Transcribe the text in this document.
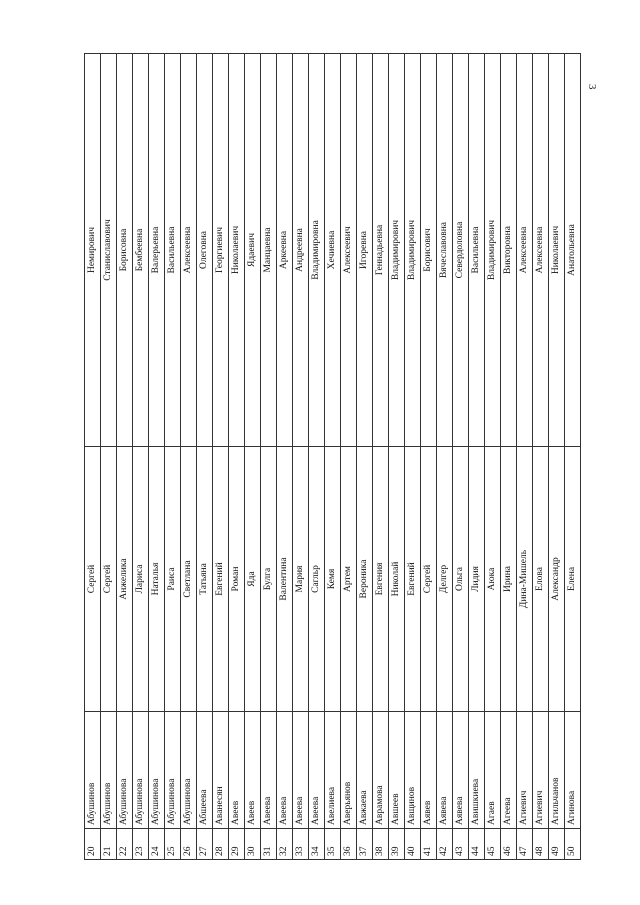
3
20	Абушинов	Сергей	Немирович
21	Абушинов	Сергей	Станиславович
22	Абушинова	Анжелика	Борисовна
23	Абушинова	Лариса	Бембеевна
24	Абушинова	Наталья	Валерьевна
25	Абушинова	Раиса	Васильевна
26	Абушинова	Светлана	Алексеевна
27	Абшеева	Татьяна	Олеговна
28	Аванесян	Евгений	Георгиевич
29	Авеев	Роман	Николаевич
30	Авеев	Яда	Ядаевич
31	Авеева	Булга	Манцаевна
32	Авеева	Валентина	Аркеевна
33	Авеева	Мария	Андреевна
34	Авеева	Сагльр	Владимировна
35	Авелиева	Кемя	Хечиевна
36	Аверьянов	Артем	Алексеевич
37	Авжаева	Вероника	Игоревна
38	Аврамова	Евгения	Геннадьевна
39	Авшеев	Николай	Владимирович
40	Авщинов	Евгений	Владимирович
41	Аявев	Сергей	Борисович
42	Аявева	Делгер	Вячеславовна
43	Аявева	Ольга	Севердоловна
44	Авишкиева	Лидия	Васильевна
45	Агаев	Аюка	Владимирович
46	Агеева	Ирина	Викторовна
47	Агиевич	Дина-Мишель	Алексеевна
48	Агиевич	Елова	Алексеевна
49	Агильчанов	Александр	Николаевич
50	Агинова	Елена	Анатольевна
